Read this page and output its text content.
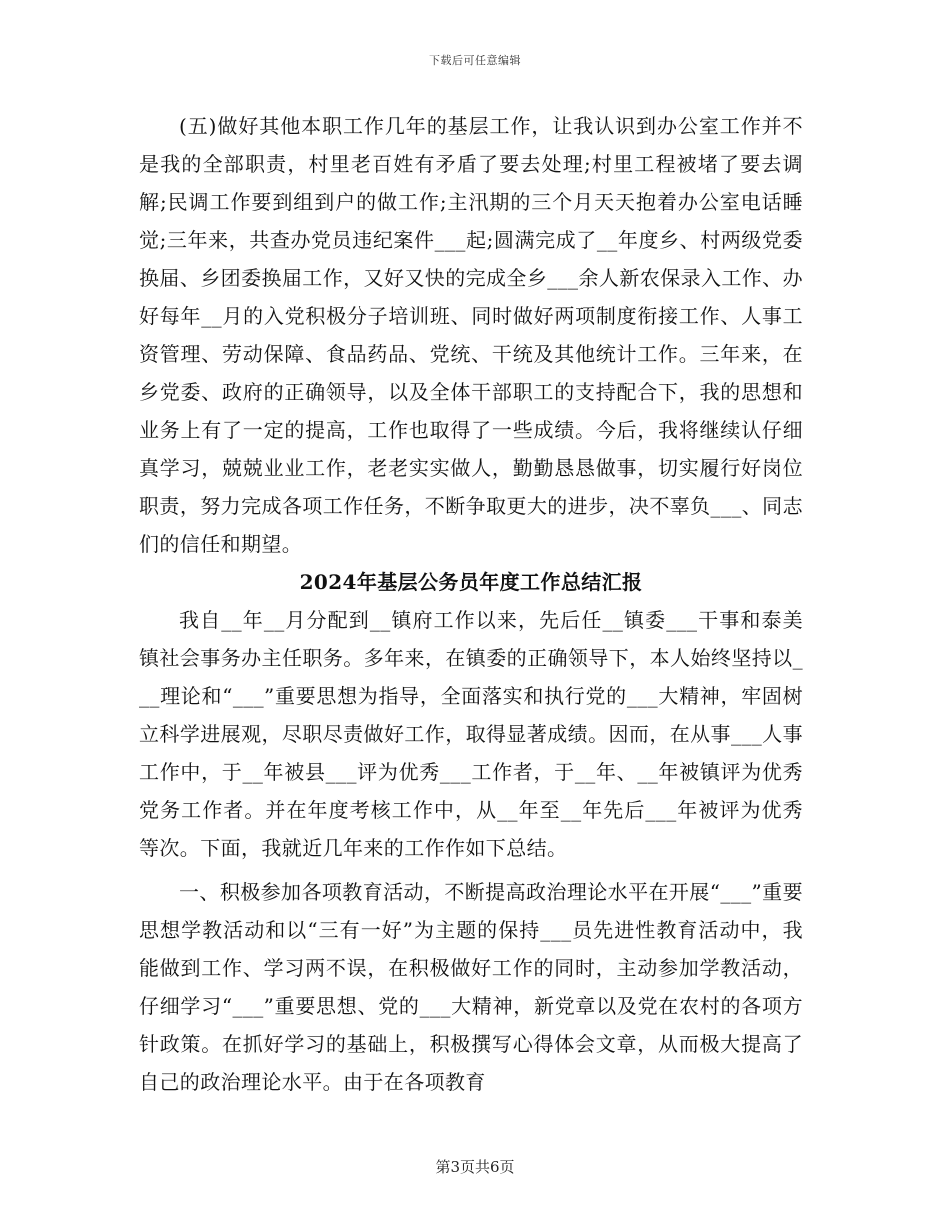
下载后可任意编辑

(五)做好其他本职工作几年的基层工作，让我认识到办公室工作并不是我的全部职责，村里老百姓有矛盾了要去处理;村里工程被堵了要去调解;民调工作要到组到户的做工作;主汛期的三个月天天抱着办公室电话睡觉;三年来，共查办党员违纪案件___起;圆满完成了__年度乡、村两级党委换届、乡团委换届工作，又好又快的完成全乡___余人新农保录入工作、办好每年__月的入党积极分子培训班、同时做好两项制度衔接工作、人事工资管理、劳动保障、食品药品、党统、干统及其他统计工作。三年来，在乡党委、政府的正确领导，以及全体干部职工的支持配合下，我的思想和业务上有了一定的提高，工作也取得了一些成绩。今后，我将继续认仔细真学习，兢兢业业工作，老老实实做人，勤勤恳恳做事，切实履行好岗位职责，努力完成各项工作任务，不断争取更大的进步，决不辜负___、同志们的信任和期望。

2024年基层公务员年度工作总结汇报

我自__年__月分配到__镇府工作以来，先后任__镇委___干事和泰美镇社会事务办主任职务。多年来，在镇委的正确领导下，本人始终坚持以___理论和“___”重要思想为指导，全面落实和执行党的___大精神，牢固树立科学进展观，尽职尽责做好工作，取得显著成绩。因而，在从事___人事工作中，于__年被县___评为优秀___工作者，于__年、__年被镇评为优秀党务工作者。并在年度考核工作中，从__年至__年先后___年被评为优秀等次。下面，我就近几年来的工作作如下总结。

一、积极参加各项教育活动，不断提高政治理论水平在开展“___”重要思想学教活动和以“三有一好”为主题的保持___员先进性教育活动中，我能做到工作、学习两不误，在积极做好工作的同时，主动参加学教活动，仔细学习“___”重要思想、党的___大精神，新党章以及党在农村的各项方针政策。在抓好学习的基础上，积极撰写心得体会文章，从而极大提高了自己的政治理论水平。由于在各项教育

第3页共6页
